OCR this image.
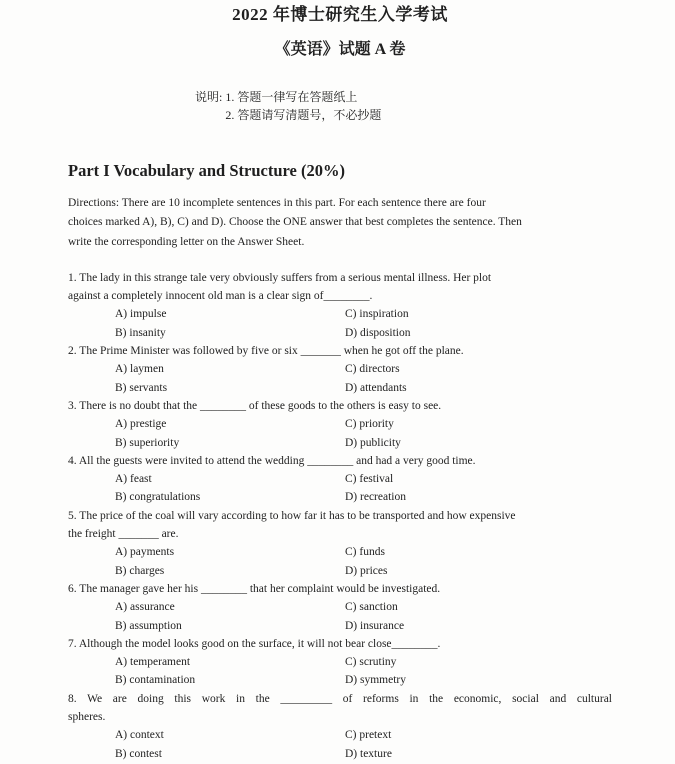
2022 年博士研究生入学考试
《英语》试题 A 卷
说明: 1. 答题一律写在答题纸上
2. 答题请写清题号，不必抄题
Part I Vocabulary and Structure (20%)
Directions: There are 10 incomplete sentences in this part. For each sentence there are four
choices marked A), B), C) and D). Choose the ONE answer that best completes the sentence. Then
write the corresponding letter on the Answer Sheet.
1. The lady in this strange tale very obviously suffers from a serious mental illness. Her plot
against a completely innocent old man is a clear sign of________.
A) impulse	C) inspiration
B) insanity	D) disposition
2. The Prime Minister was followed by five or six _______ when he got off the plane.
A) laymen	C) directors
B) servants	D) attendants
3. There is no doubt that the ________ of these goods to the others is easy to see.
A) prestige	C) priority
B) superiority	D) publicity
4. All the guests were invited to attend the wedding ________ and had a very good time.
A) feast	C) festival
B) congratulations	D) recreation
5. The price of the coal will vary according to how far it has to be transported and how expensive
the freight _______ are.
A) payments	C) funds
B) charges	D) prices
6. The manager gave her his ________ that her complaint would be investigated.
A) assurance	C) sanction
B) assumption	D) insurance
7. Although the model looks good on the surface, it will not bear close________.
A) temperament	C) scrutiny
B) contamination	D) symmetry
8. We are doing this work in the _________ of reforms in the economic, social and cultural
spheres.
A) context	C) pretext
B) contest	D) texture
